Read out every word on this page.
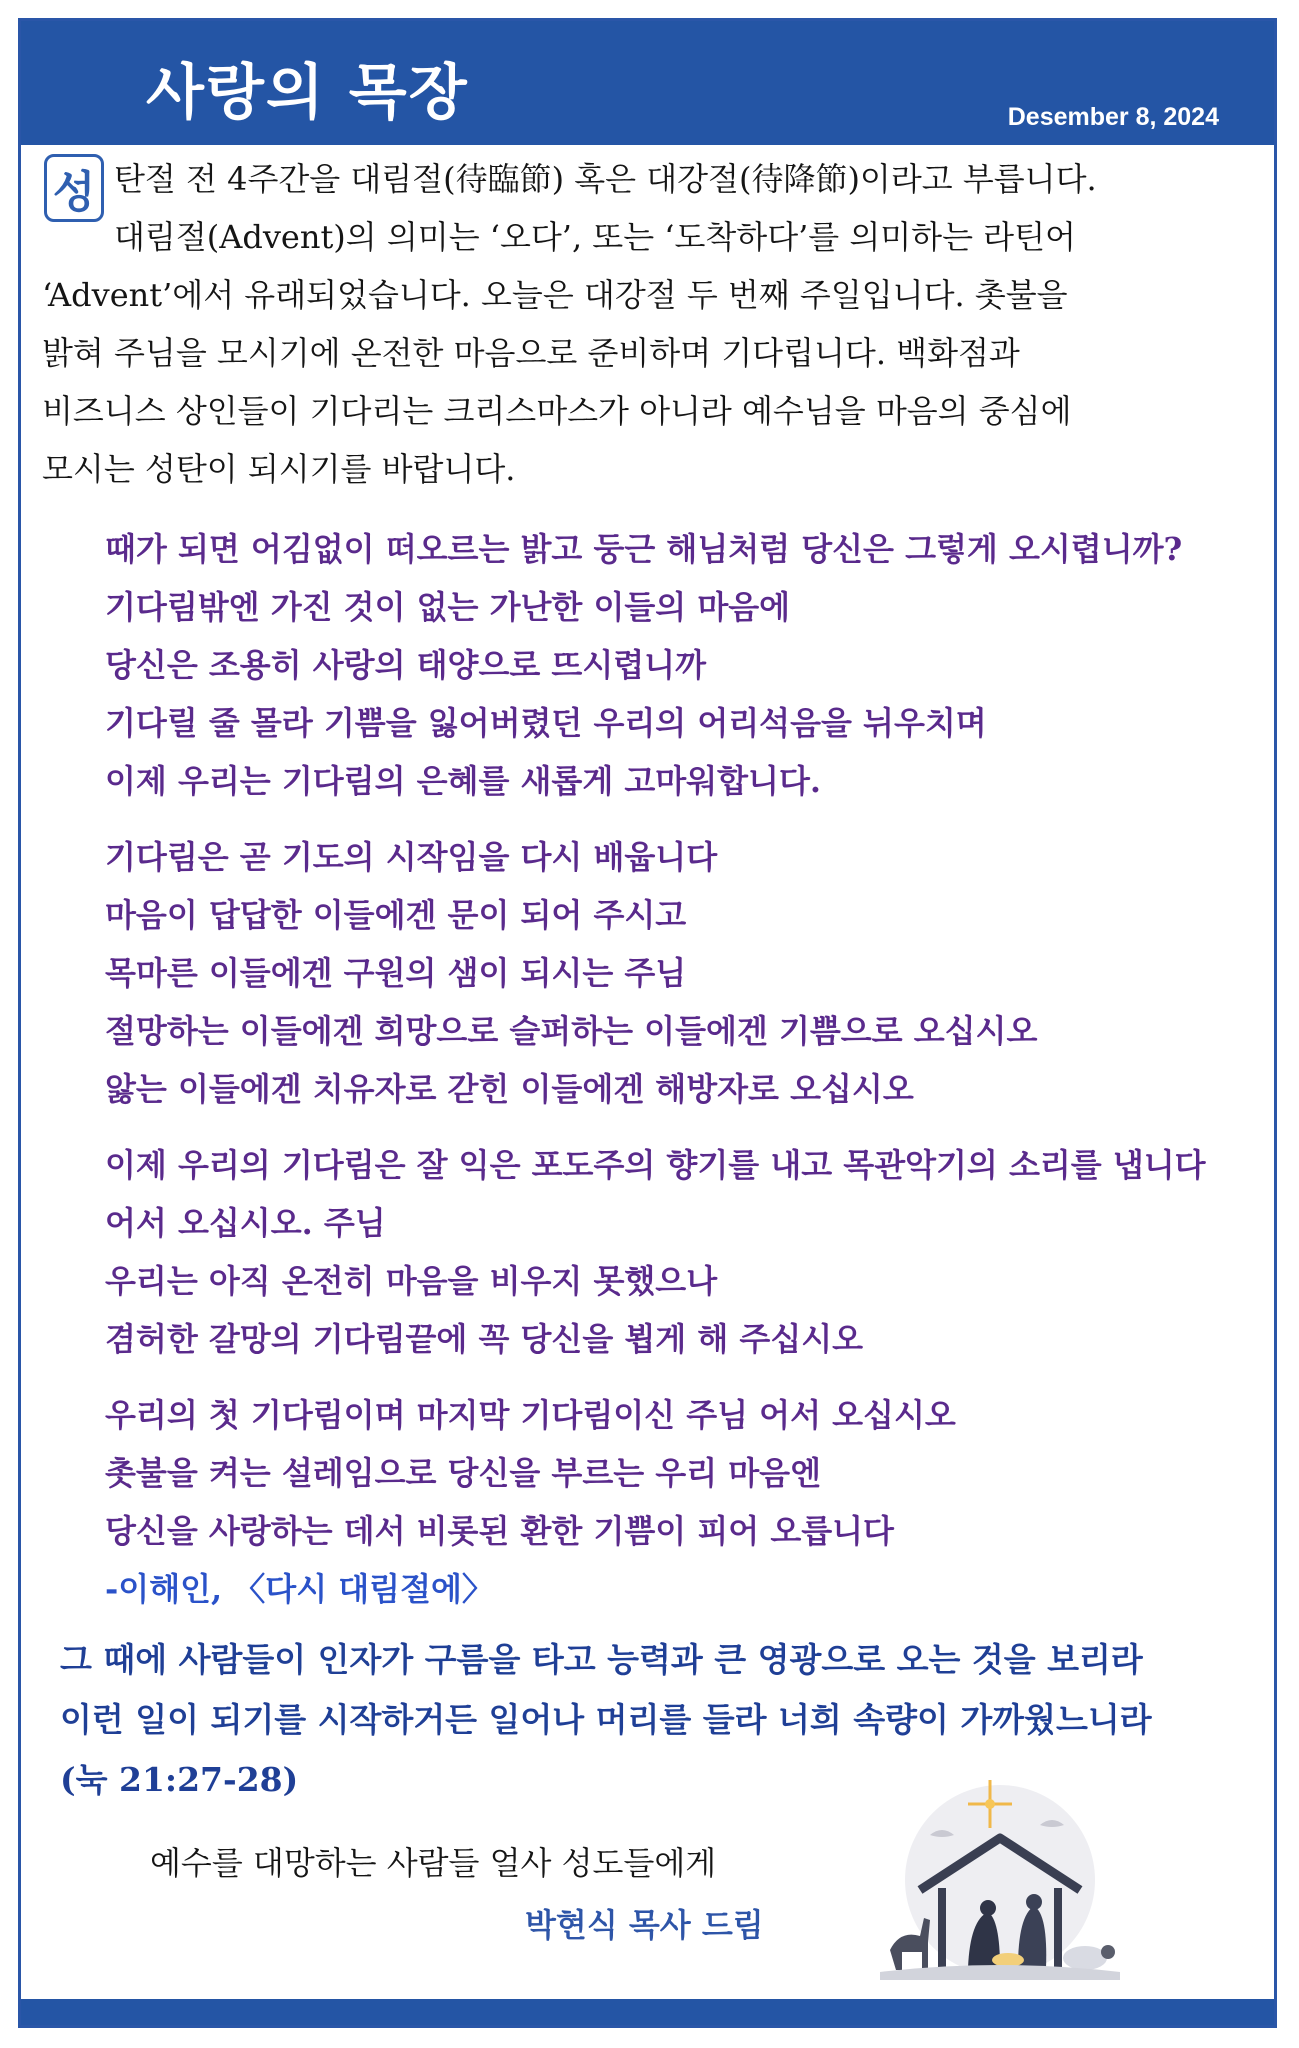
사랑의 목장	Desember 8, 2024
성 탄절 전 4주간을 대림절(待臨節) 혹은 대강절(待降節)이라고 부릅니다.
대림절(Advent)의 의미는 ‘오다’, 또는 ‘도착하다’를 의미하는 라틴어
‘Advent’에서 유래되었습니다. 오늘은 대강절 두 번째 주일입니다. 촛불을
밝혀 주님을 모시기에 온전한 마음으로 준비하며 기다립니다. 백화점과
비즈니스 상인들이 기다리는 크리스마스가 아니라 예수님을 마음의 중심에
모시는 성탄이 되시기를 바랍니다.
때가 되면 어김없이 떠오르는 밝고 둥근 해님처럼 당신은 그렇게 오시렵니까?
기다림밖엔 가진 것이 없는 가난한 이들의 마음에
당신은 조용히 사랑의 태양으로 뜨시렵니까
기다릴 줄 몰라 기쁨을 잃어버렸던 우리의 어리석음을 뉘우치며
이제 우리는 기다림의 은혜를 새롭게 고마워합니다.
기다림은 곧 기도의 시작임을 다시 배웁니다
마음이 답답한 이들에겐 문이 되어 주시고
목마른 이들에겐 구원의 샘이 되시는 주님
절망하는 이들에겐 희망으로 슬퍼하는 이들에겐 기쁨으로 오십시오
앓는 이들에겐 치유자로 갇힌 이들에겐 해방자로 오십시오
이제 우리의 기다림은 잘 익은 포도주의 향기를 내고 목관악기의 소리를 냅니다
어서 오십시오. 주님
우리는 아직 온전히 마음을 비우지 못했으나
겸허한 갈망의 기다림끝에 꼭 당신을 뵙게 해 주십시오
우리의 첫 기다림이며 마지막 기다림이신 주님 어서 오십시오
촛불을 켜는 설레임으로 당신을 부르는 우리 마음엔
당신을 사랑하는 데서 비롯된 환한 기쁨이 피어 오릅니다
-이해인, 〈다시 대림절에〉
그 때에 사람들이 인자가 구름을 타고 능력과 큰 영광으로 오는 것을 보리라
이런 일이 되기를 시작하거든 일어나 머리를 들라 너희 속량이 가까웠느니라
(눅 21:27-28)
예수를 대망하는 사람들 얼사 성도들에게
박현식 목사 드림
